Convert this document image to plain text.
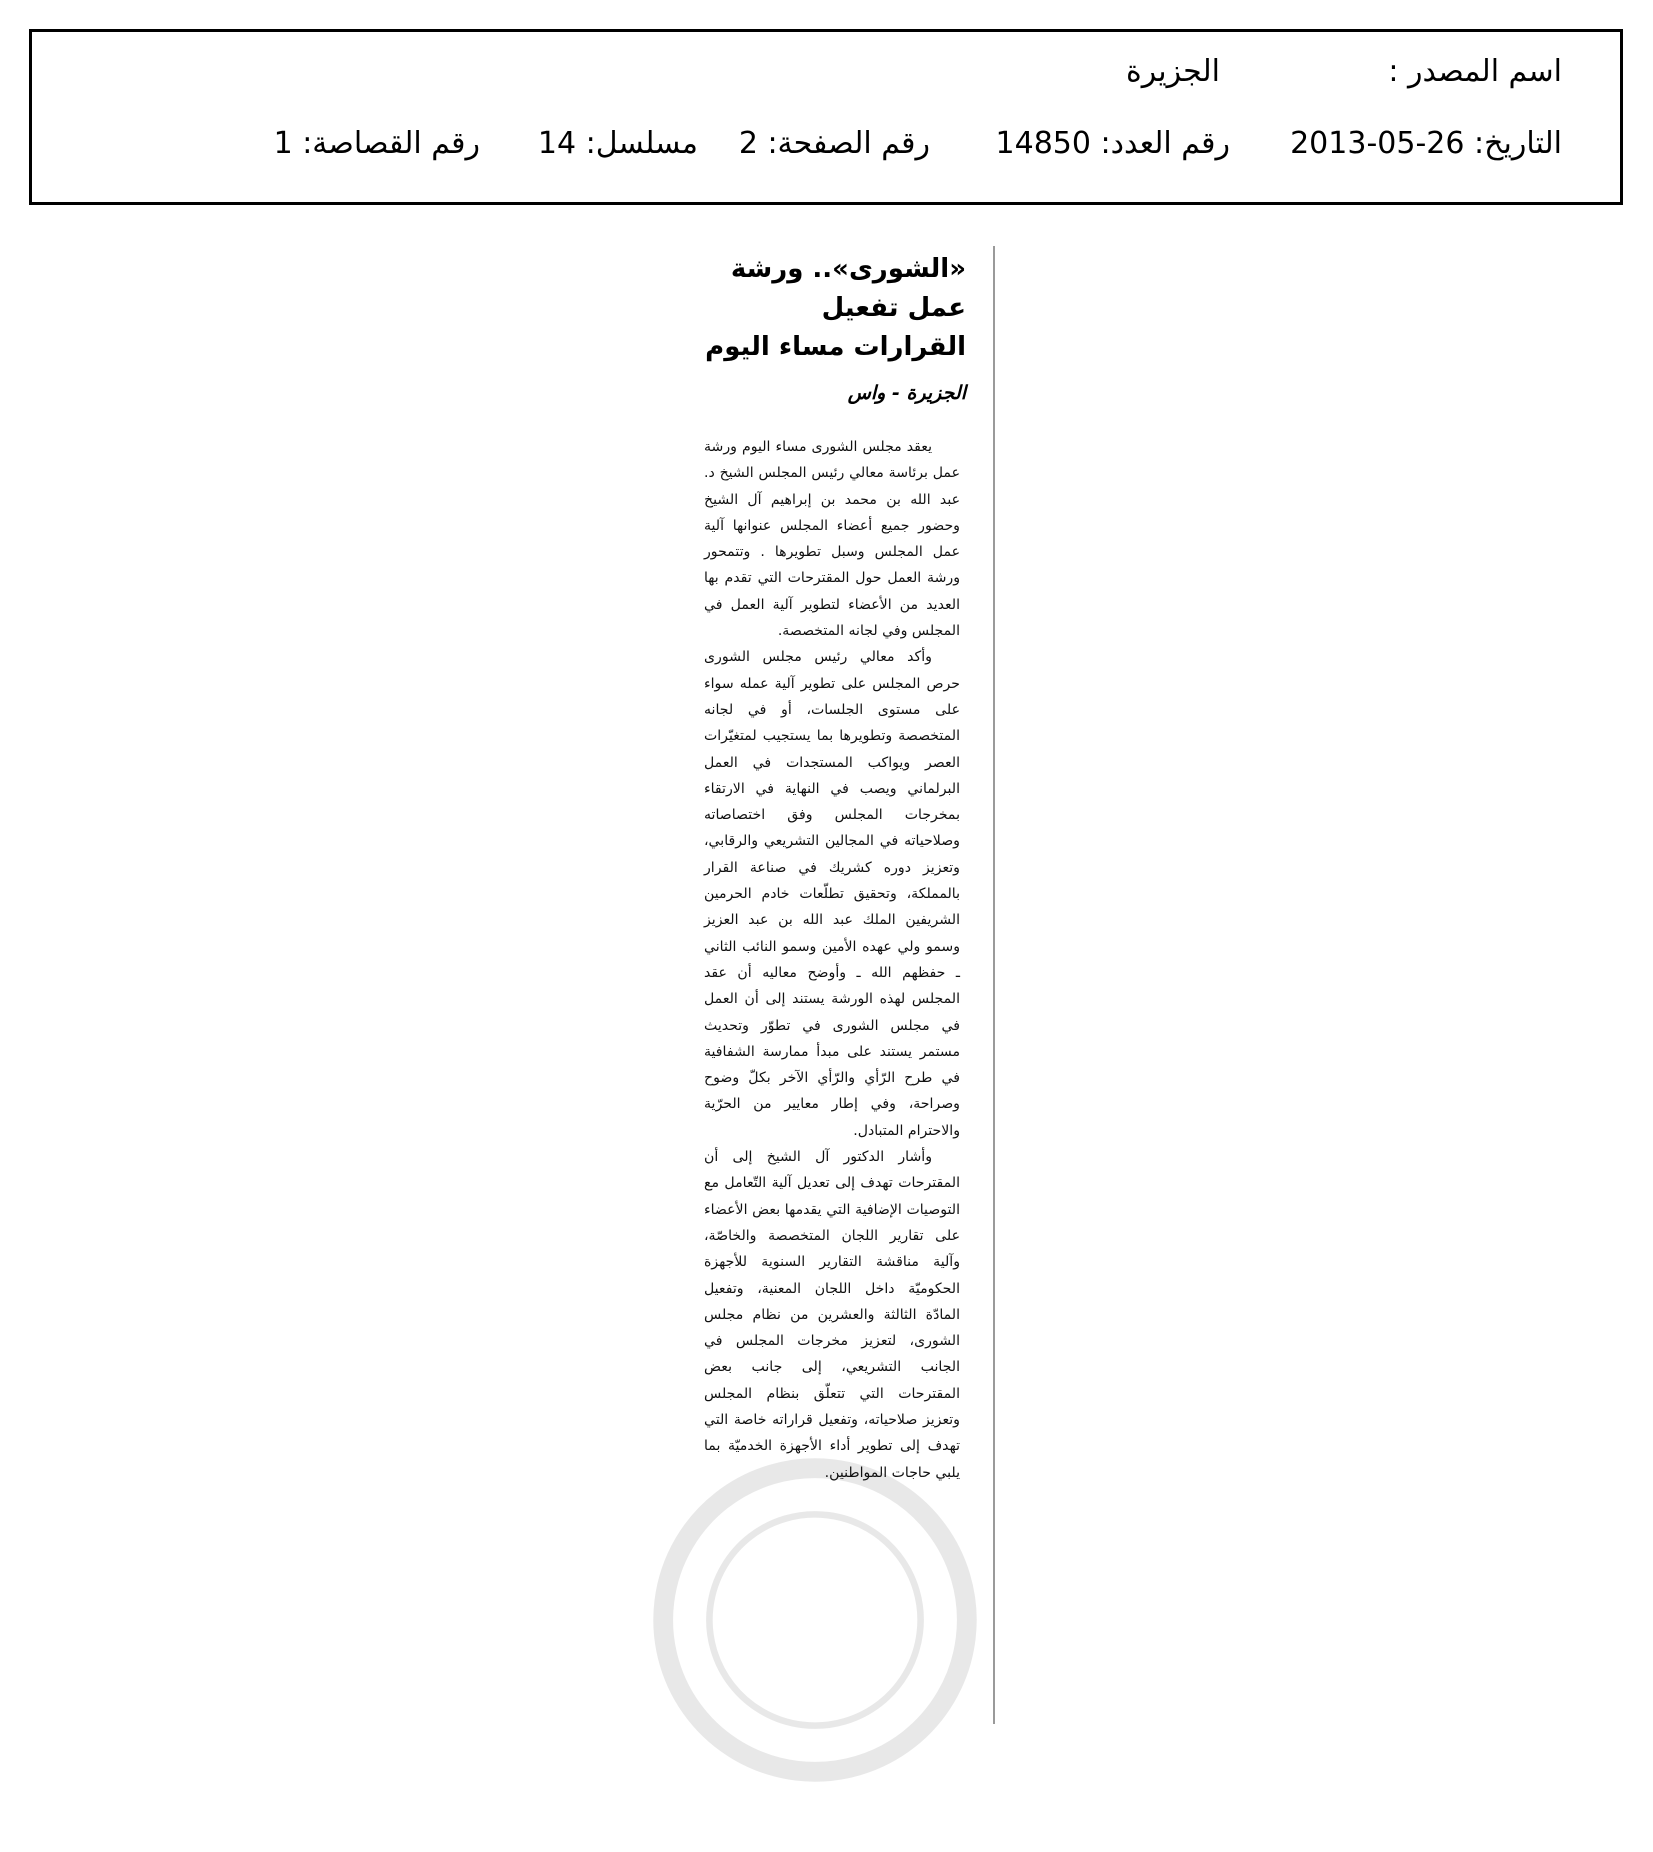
اسم المصدر :
الجزيرة
التاريخ: 26-05-2013
رقم العدد: 14850
رقم الصفحة: 2
مسلسل: 14
رقم القصاصة: 1
«الشورى».. ورشة عمل تفعيل القرارات مساء اليوم
الجزيرة - واس

يعقد مجلس الشورى مساء اليوم ورشة عمل برئاسة معالي رئيس المجلس الشيخ د. عبد الله بن محمد بن إبراهيم آل الشيخ وحضور جميع أعضاء المجلس عنوانها آلية عمل المجلس وسبل تطويرها . وتتمحور ورشة العمل حول المقترحات التي تقدم بها العديد من الأعضاء لتطوير آلية العمل في المجلس وفي لجانه المتخصصة.

وأكد معالي رئيس مجلس الشورى حرص المجلس على تطوير آلية عمله سواء على مستوى الجلسات، أو في لجانه المتخصصة وتطويرها بما يستجيب لمتغيّرات العصر ويواكب المستجدات في العمل البرلماني ويصب في النهاية في الارتقاء بمخرجات المجلس وفق اختصاصاته وصلاحياته في المجالين التشريعي والرقابي، وتعزيز دوره كشريك في صناعة القرار بالمملكة، وتحقيق تطلّعات خادم الحرمين الشريفين الملك عبد الله بن عبد العزيز وسمو ولي عهده الأمين وسمو النائب الثاني ـ حفظهم الله ـ وأوضح معاليه أن عقد المجلس لهذه الورشة يستند إلى أن العمل في مجلس الشورى في تطوّر وتحديث مستمر يستند على مبدأ ممارسة الشفافية في طرح الرّأي والرّأي الآخر بكلّ وضوح وصراحة، وفي إطار معايير من الحرّية والاحترام المتبادل.

وأشار الدكتور آل الشيخ إلى أن المقترحات تهدف إلى تعديل آلية التّعامل مع التوصيات الإضافية التي يقدمها بعض الأعضاء على تقارير اللجان المتخصصة والخاصّة، وآلية مناقشة التقارير السنوية للأجهزة الحكوميّة داخل اللجان المعنية، وتفعيل المادّة الثالثة والعشرين من نظام مجلس الشورى، لتعزيز مخرجات المجلس في الجانب التشريعي، إلى جانب بعض المقترحات التي تتعلّق بنظام المجلس وتعزيز صلاحياته، وتفعيل قراراته خاصة التي تهدف إلى تطوير أداء الأجهزة الخدميّة بما يلبي حاجات المواطنين.
